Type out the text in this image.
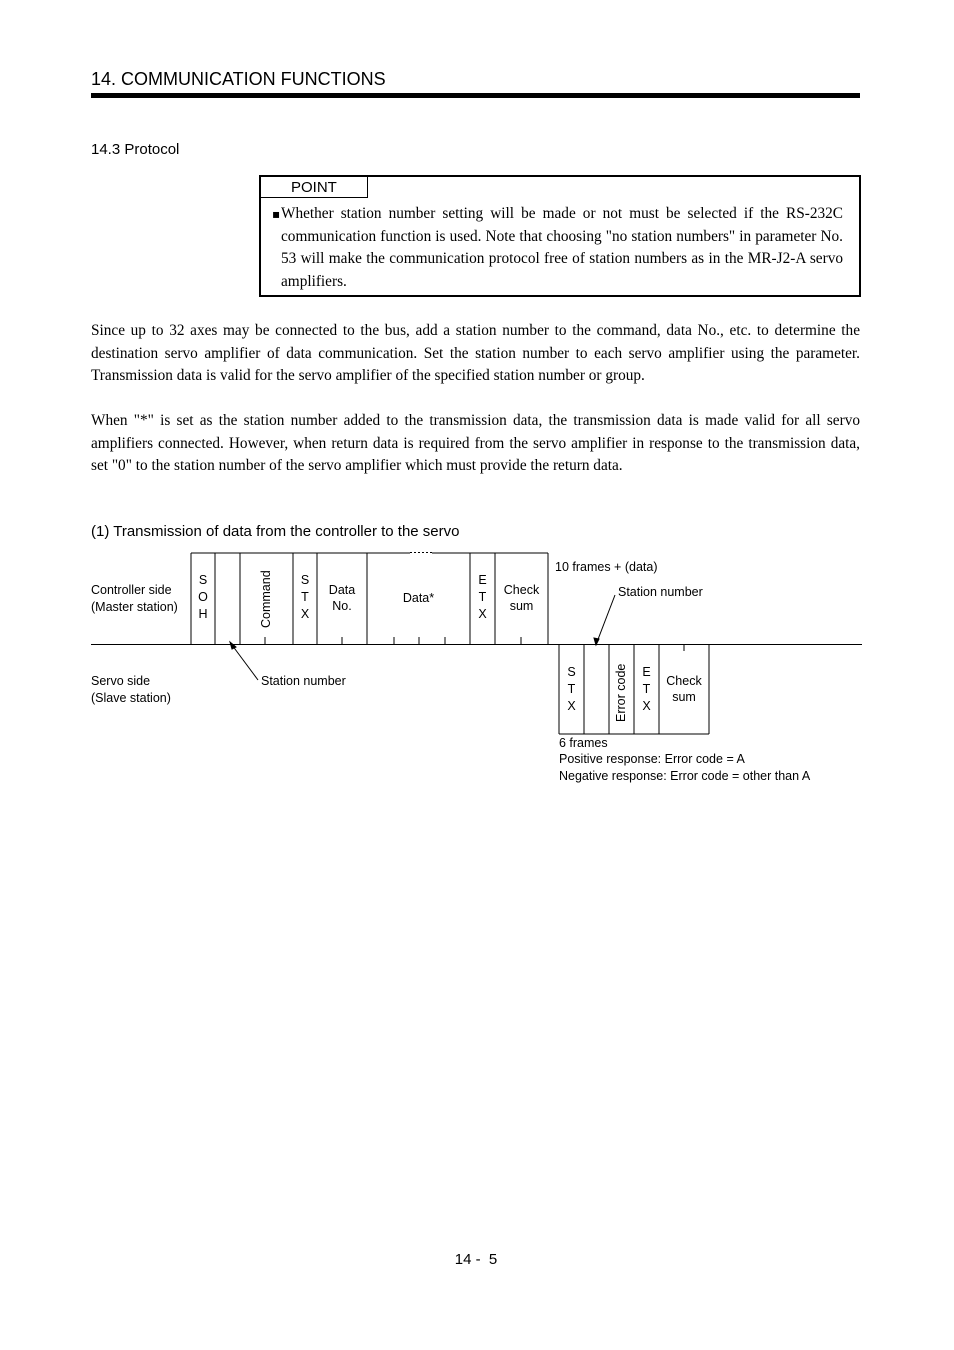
14. COMMUNICATION FUNCTIONS
14.3 Protocol
POINT
▪ Whether station number setting will be made or not must be selected if the RS-232C communication function is used. Note that choosing "no station numbers" in parameter No. 53 will make the communication protocol free of station numbers as in the MR-J2-A servo amplifiers.
Since up to 32 axes may be connected to the bus, add a station number to the command, data No., etc. to determine the destination servo amplifier of data communication. Set the station number to each servo amplifier using the parameter. Transmission data is valid for the servo amplifier of the specified station number or group.
When "*" is set as the station number added to the transmission data, the transmission data is made valid for all servo amplifiers connected. However, when return data is required from the servo amplifier in response to the transmission data, set "0" to the station number of the servo amplifier which must provide the return data.
(1) Transmission of data from the controller to the servo
Controller side
(Master station)
Servo side
(Slave station)
S
O
H	Command	S
T
X
Data
No.
Data*
E
T
X
Check
sum
10 frames + (data)
Station number
Station number
S
T
X	Error code	E
T
X
Check
sum
6 frames
Positive response: Error code = A
Negative response: Error code = other than A
14 -  5
